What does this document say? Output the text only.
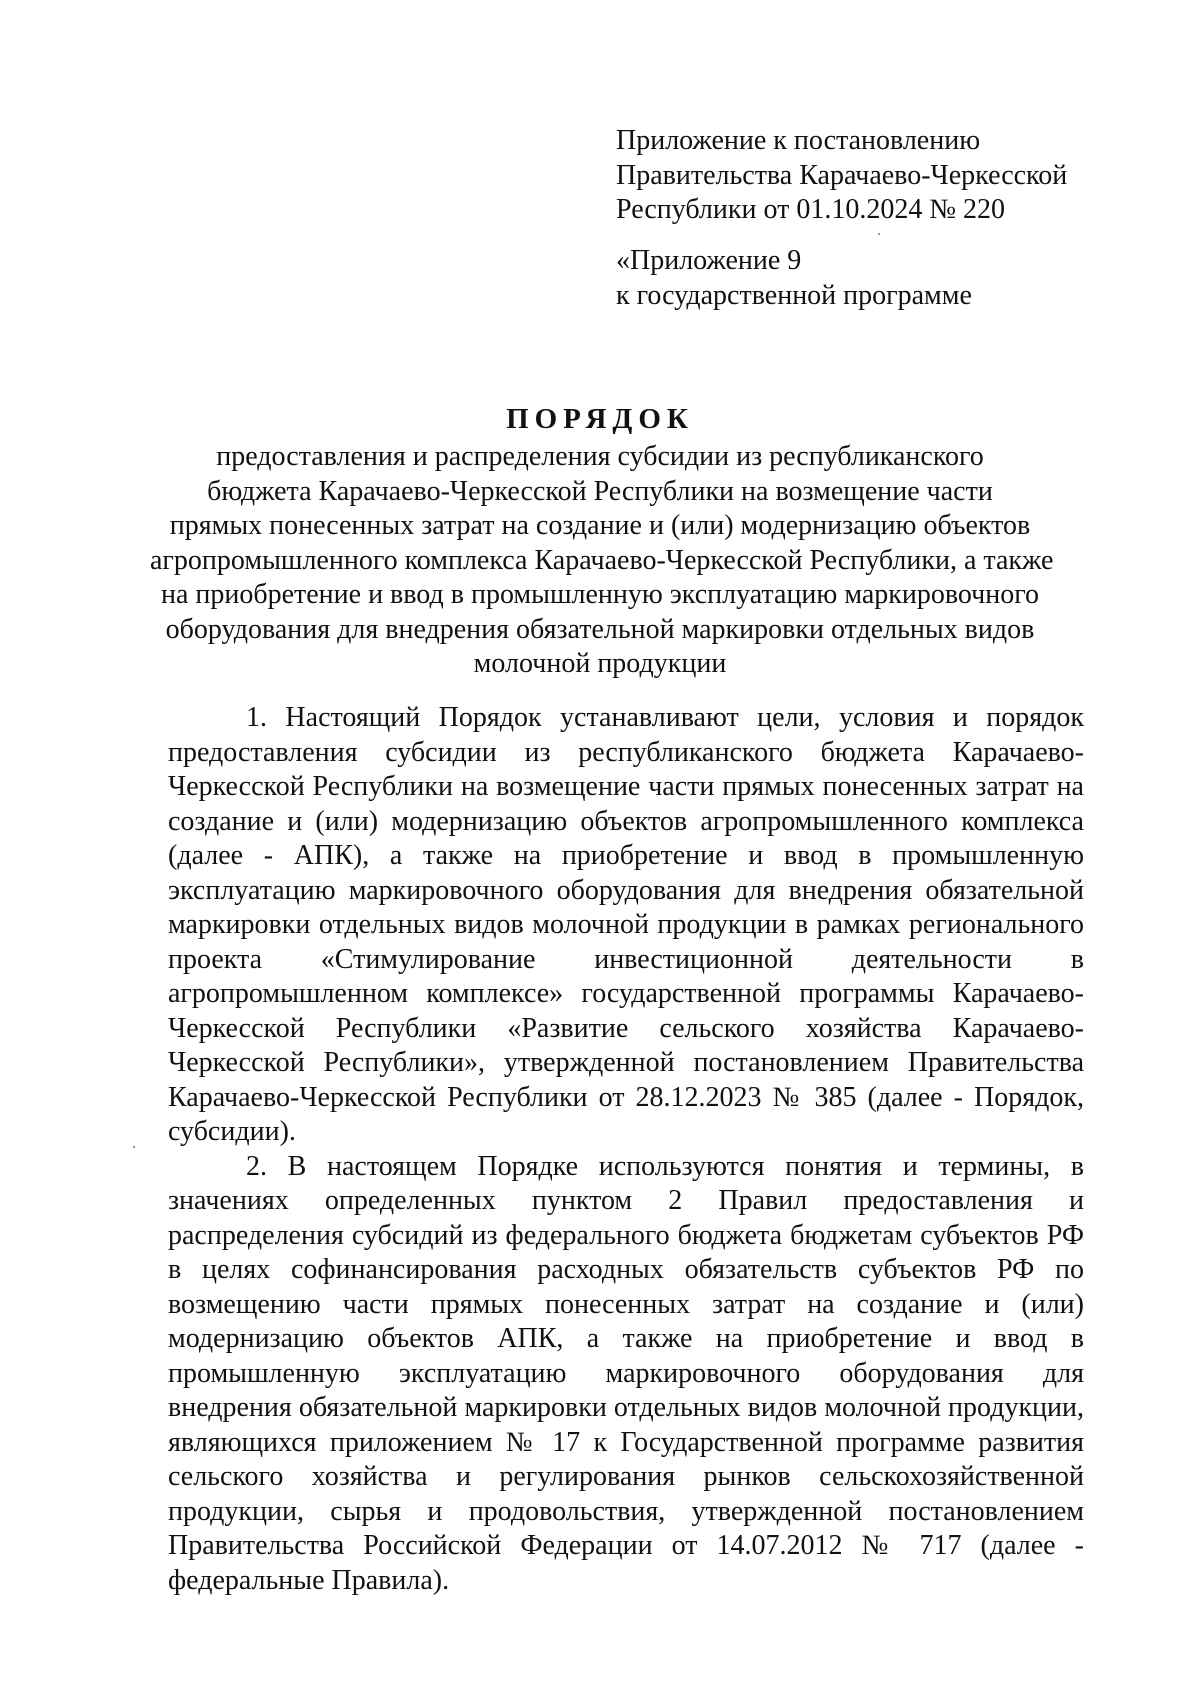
Приложение к постановлению
Правительства Карачаево-Черкесской
Республики от 01.10.2024 № 220
«Приложение 9
к государственной программе
ПОРЯДОК
предоставления и распределения субсидии из республиканского
бюджета Карачаево-Черкесской Республики на возмещение части
прямых понесенных затрат на создание и (или) модернизацию объектов
агропромышленного комплекса Карачаево-Черкесской Республики, а также
на приобретение и ввод в промышленную эксплуатацию маркировочного
оборудования для внедрения обязательной маркировки отдельных видов
молочной продукции
1. Настоящий Порядок устанавливают цели, условия и порядок
предоставления субсидии из республиканского бюджета Карачаево-
Черкесской Республики на возмещение части прямых понесенных затрат на
создание и (или) модернизацию объектов агропромышленного комплекса
(далее - АПК), а также на приобретение и ввод в промышленную
эксплуатацию маркировочного оборудования для внедрения обязательной
маркировки отдельных видов молочной продукции в рамках регионального
проекта «Стимулирование инвестиционной деятельности в
агропромышленном комплексе» государственной программы Карачаево-
Черкесской Республики «Развитие сельского хозяйства Карачаево-
Черкесской Республики», утвержденной постановлением Правительства
Карачаево-Черкесской Республики от 28.12.2023 № 385 (далее - Порядок,
субсидии).
2. В настоящем Порядке используются понятия и термины, в
значениях определенных пунктом 2 Правил предоставления и
распределения субсидий из федерального бюджета бюджетам субъектов РФ
в целях софинансирования расходных обязательств субъектов РФ по
возмещению части прямых понесенных затрат на создание и (или)
модернизацию объектов АПК, а также на приобретение и ввод в
промышленную эксплуатацию маркировочного оборудования для
внедрения обязательной маркировки отдельных видов молочной продукции,
являющихся приложением № 17 к Государственной программе развития
сельского хозяйства и регулирования рынков сельскохозяйственной
продукции, сырья и продовольствия, утвержденной постановлением
Правительства Российской Федерации от 14.07.2012 № 717 (далее -
федеральные Правила).
